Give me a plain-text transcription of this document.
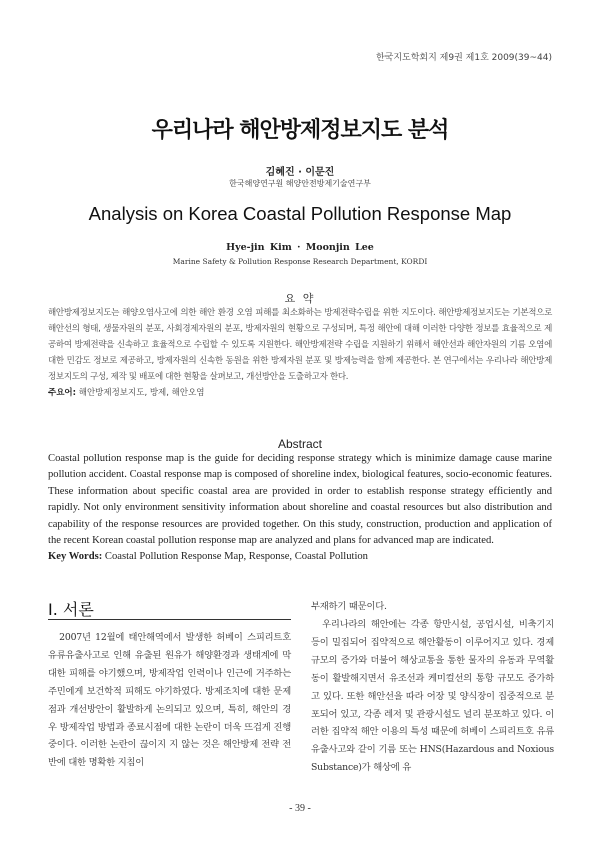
한국지도학회지 제9권 제1호 2009(39~44)
우리나라 해안방제정보지도 분석
김혜진 · 이문진
한국해양연구원 해양안전방제기술연구부
Analysis on Korea Coastal Pollution Response Map
Hye-jin Kim · Moonjin Lee
Marine Safety & Pollution Response Research Department, KORDI
요 약

해안방제정보지도는 해양오염사고에 의한 해안 환경 오염 피해를 최소화하는 방제전략수립을 위한 지도이다. 해안방제정보지도는 기본적으로 해안선의 형태, 생물자원의 분포, 사회경제자원의 분포, 방제자원의 현황으로 구성되며, 특정 해안에 대해 이러한 다양한 정보를 효율적으로 제공하여 방제전략을 신속하고 효율적으로 수립할 수 있도록 지원한다. 해안방제전략 수립을 지원하기 위해서 해안선과 해안자원의 기름 오염에 대한 민감도 정보로 제공하고, 방제자원의 신속한 동원을 위한 방제자원 분포 및 방제능력을 함께 제공한다. 본 연구에서는 우리나라 해안방제정보지도의 구성, 제작 및 배포에 대한 현황을 살펴보고, 개선방안을 도출하고자 한다.

주요어: 해안방제정보지도, 방제, 해안오염
Abstract

Coastal pollution response map is the guide for deciding response strategy which is minimize damage cause marine pollution accident. Coastal response map is composed of shoreline index, biological features, socio-economic features. These information about specific coastal area are provided in order to establish response strategy efficiently and rapidly. Not only environment sensitivity information about shoreline and coastal resources but also distribution and capability of the response resources are provided together. On this study, construction, production and application of the recent Korean coastal pollution response map are analyzed and plans for advanced map are indicated.

Key Words: Coastal Pollution Response Map, Response, Coastal Pollution
I. 서론

2007년 12월에 태안해역에서 발생한 허베이 스피리트호 유류유출사고로 인해 유출된 원유가 해양환경과 생태계에 막대한 피해를 야기했으며, 방제작업 인력이나 인근에 거주하는 주민에게 보건학적 피해도 야기하였다. 방제조치에 대한 문제점과 개선방안이 활발하게 논의되고 있으며, 특히, 해안의 경우 방제작업 방법과 종료시점에 대한 논란이 더욱 뜨겁게 진행중이다. 이러한 논란이 끊이지 지 않는 것은 해안방제 전략 전반에 대한 명확한 지침이

부재하기 때문이다.

우리나라의 해안에는 각종 항만시설, 공업시설, 비축기지 등이 밀집되어 집약적으로 해안활동이 이루어지고 있다. 경제규모의 증가와 더불어 해상교통을 통한 물자의 유동과 무역활동이 활발해지면서 유조선과 케미컬선의 통항 규모도 증가하고 있다. 또한 해안선을 따라 어장 및 양식장이 집중적으로 분포되어 있고, 각종 레저 및 관광시설도 널리 분포하고 있다. 이러한 집약적 해안 이용의 특성 때문에 허베이 스피리트호 유류유출사고와 같이 기름 또는 HNS(Hazardous and Noxious Substance)가 해상에 유

- 39 -
